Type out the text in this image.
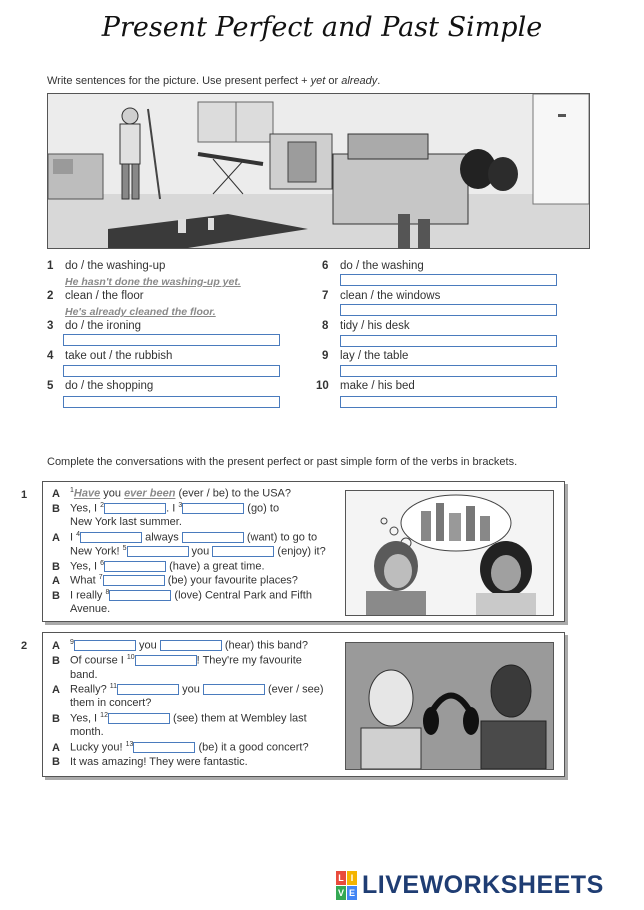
Present Perfect and Past Simple
Write sentences for the picture. Use present perfect + yet or already.
1 do / the washing-up
He hasn't done the washing-up yet.
2 clean / the floor
He's already cleaned the floor.
3 do / the ironing
4 take out / the rubbish
5 do / the shopping
6 do / the washing
7 clean / the windows
8 tidy / his desk
9 lay / the table
10 make / his bed
Complete the conversations with the present perfect or past simple form of the verbs in brackets.
1 A $^1$Have you ever been (ever / be) to the USA?
B Yes, I $^2$	. I $^3$	(go) to
New York last summer.
A I $^4$	always	(want) to go to
New York! $^5$	you	(enjoy) it?
B Yes, I $^6$	(have) a great time.
A What $^7$	(be) your favourite places?
B I really $^8$	(love) Central Park and Fifth
Avenue.
2 A $^9$	you	(hear) this band?
B Of course I $^{10}$	! They're my favourite
band.
A Really? $^{11}$	you	(ever / see)
them in concert?
B Yes, I $^{12}$	(see) them at Wembley last
month.
A Lucky you! $^{13}$	(be) it a good concert?
B It was amazing! They were fantastic.
L I
V E LIVEWORKSHEETS
